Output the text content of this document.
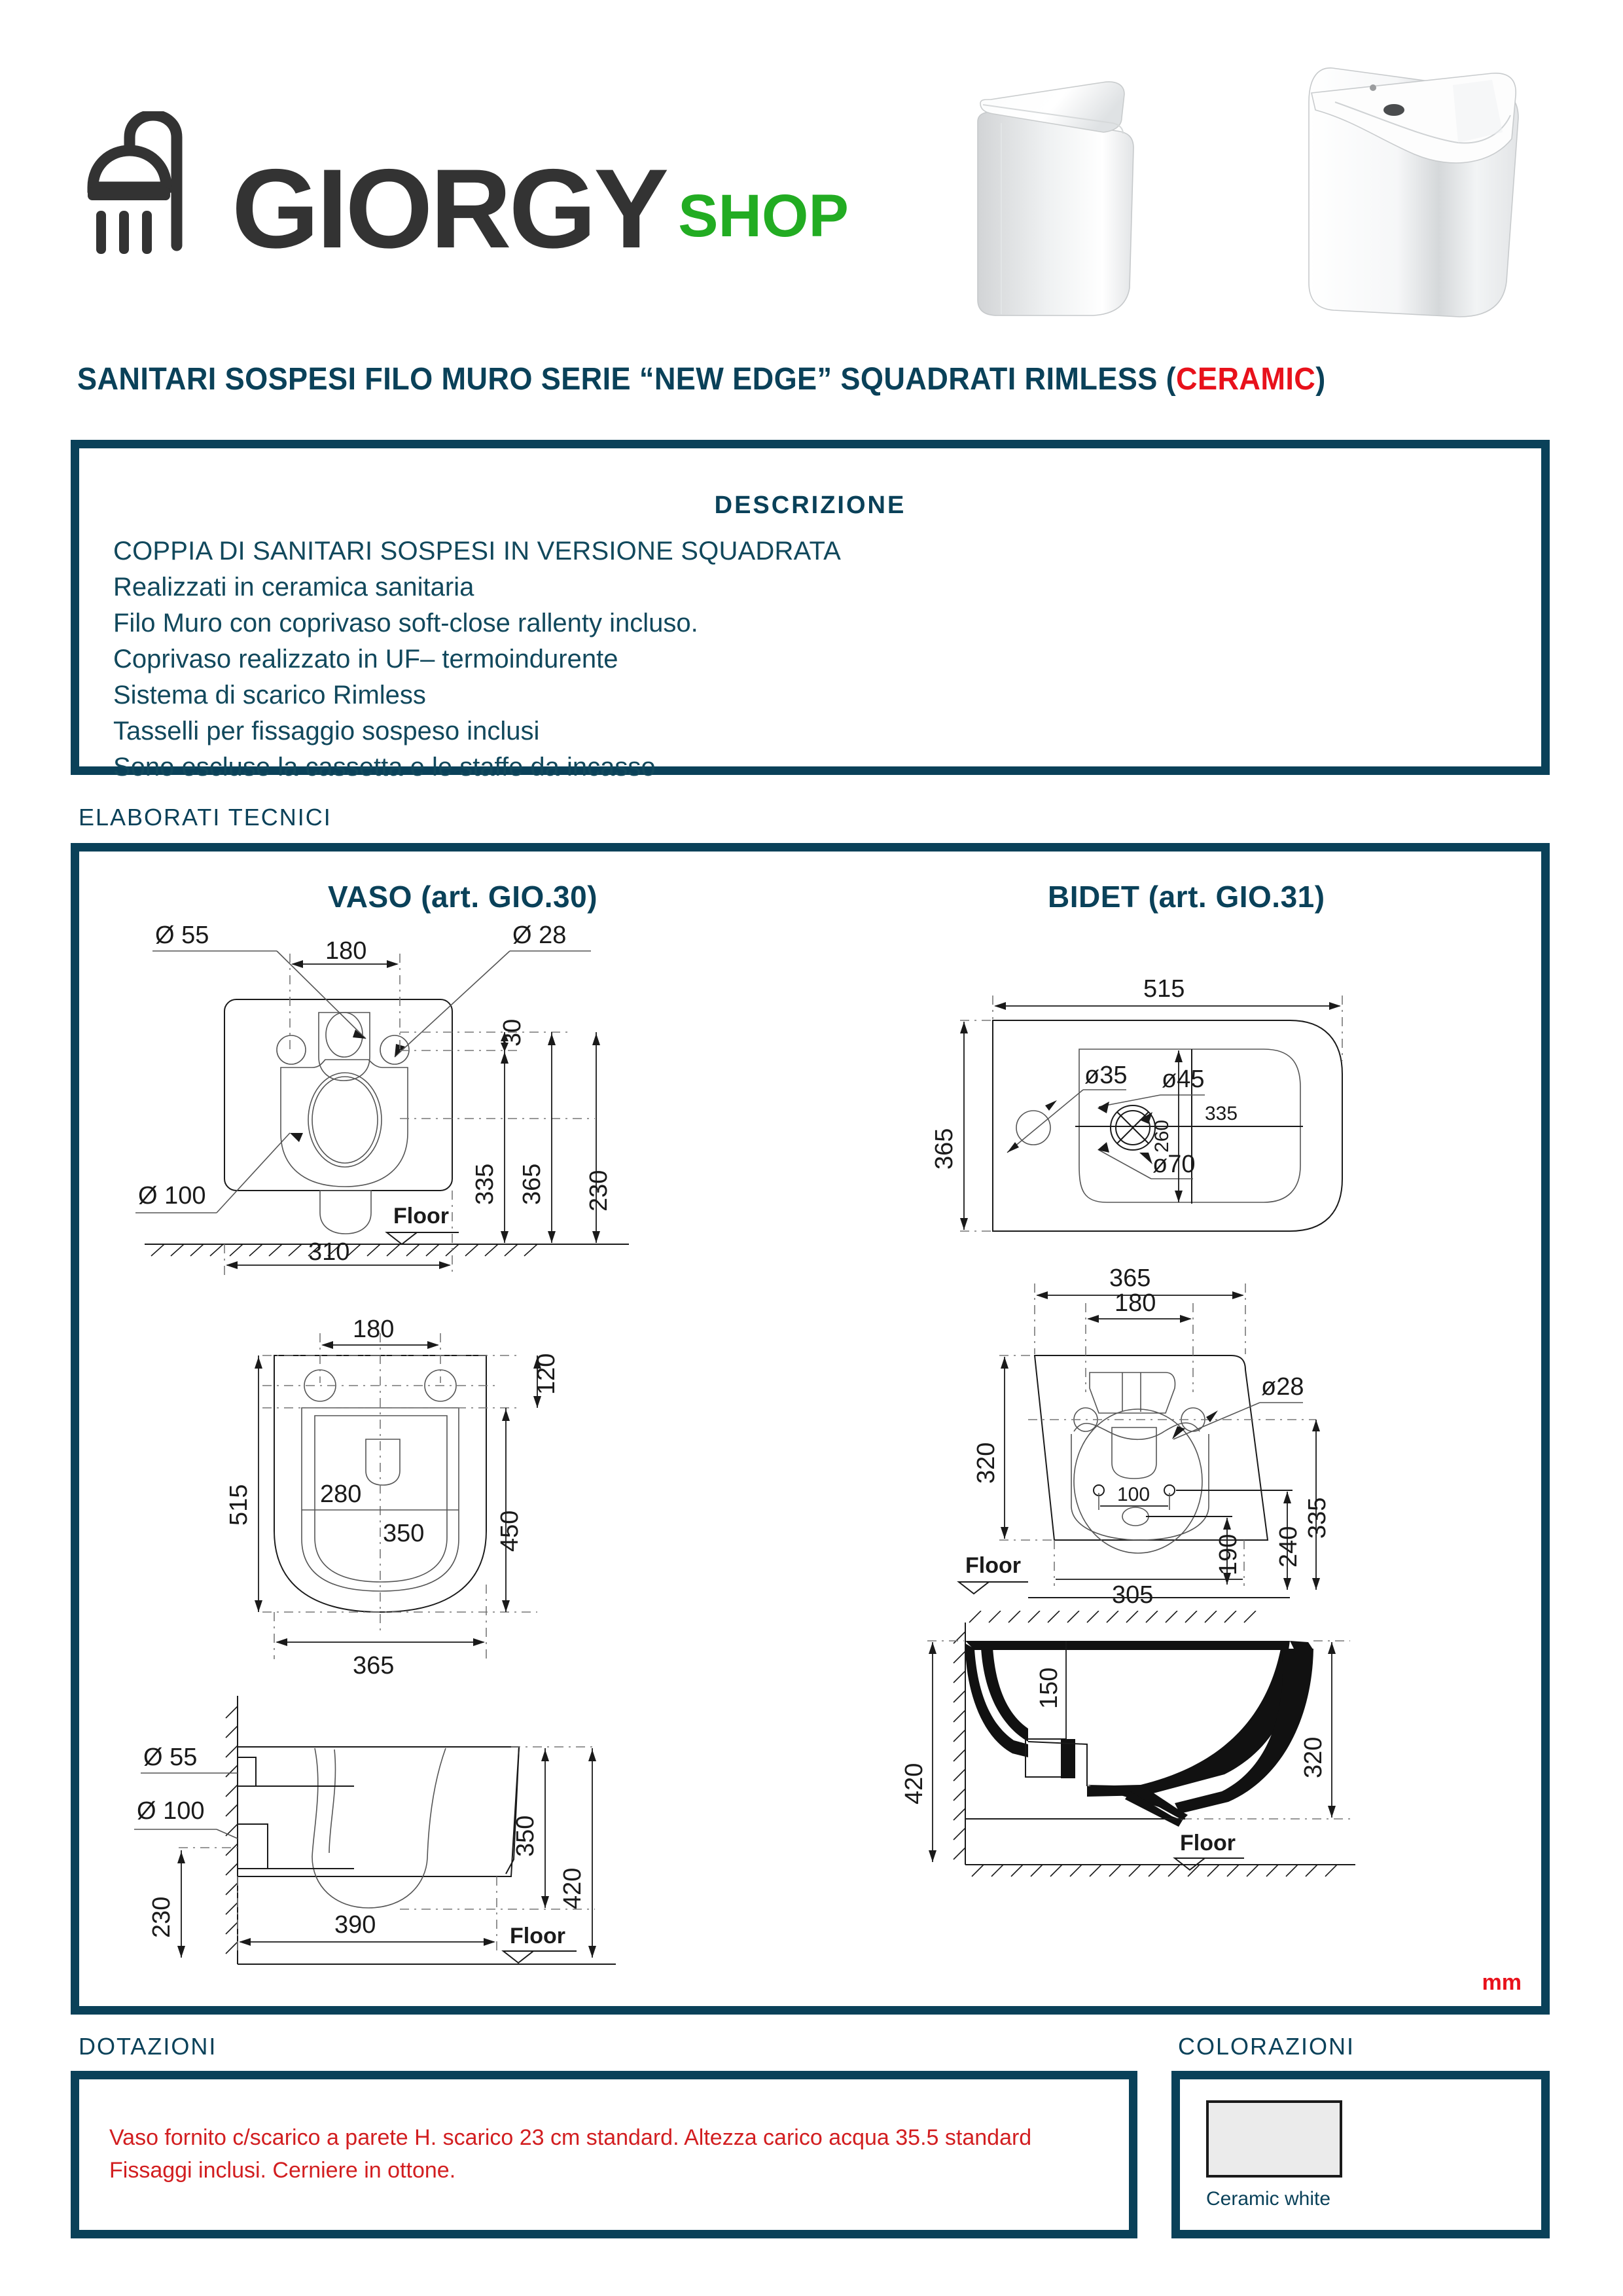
GIORGY SHOP
SANITARI SOSPESI FILO MURO SERIE “NEW EDGE” SQUADRATI RIMLESS (CERAMIC)
DESCRIZIONE
COPPIA DI SANITARI SOSPESI IN VERSIONE SQUADRATA
Realizzati in ceramica sanitaria
Filo Muro con coprivaso soft-close rallenty incluso.
Coprivaso realizzato in UF– termoindurente
Sistema di scarico Rimless
Tasselli per fissaggio sospeso inclusi
Sono escluse la cassetta e le staffe da incasso
ELABORATI TECNICI
VASO (art. GIO.30)	BIDET (art. GIO.31)
mm
Ø 55	Ø 28
Ø 100
180
30
335 365 230
Floor
310
180
120
450
515	280
350
365
Ø 55
Ø 100
230
350
420
390	Floor
515
365
ø35 ø45
ø70
260
335
365
180
ø28
320
335
240
190
305
100
Floor
150
420
320
Floor
DOTAZIONI	COLORAZIONI
Vaso fornito c/scarico a parete H. scarico 23 cm standard. Altezza carico acqua 35.5 standard
Fissaggi inclusi. Cerniere in ottone.
Ceramic white
